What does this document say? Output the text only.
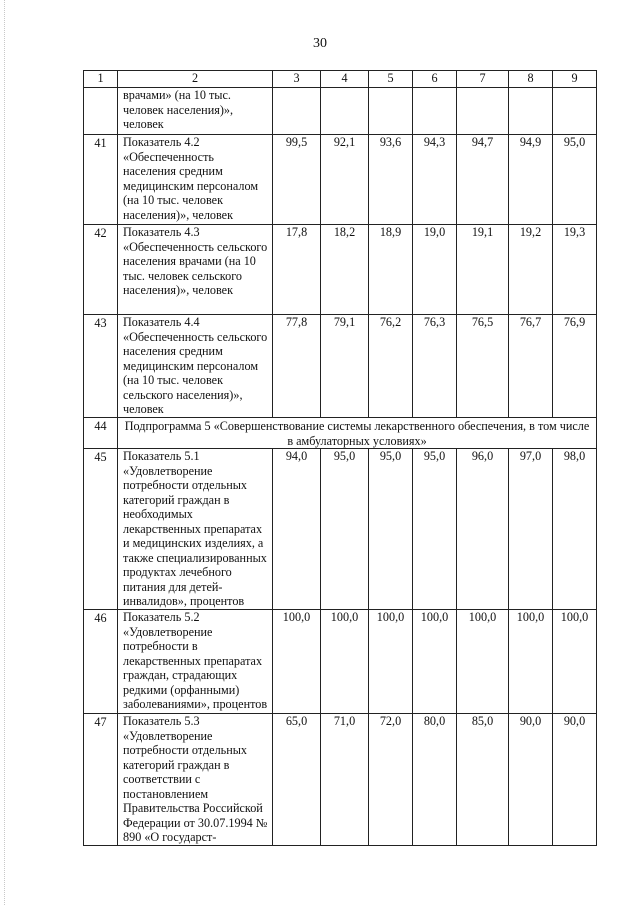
30
1	2	3	4	5	6	7	8	9
	врачами» (на 10 тыс. человек населения)», человек							
41	Показатель 4.2 «Обеспеченность населения средним медицинским персоналом (на 10 тыс. человек населения)», человек	99,5	92,1	93,6	94,3	94,7	94,9	95,0
42	Показатель 4.3 «Обеспеченность сельского населения врачами (на 10 тыс. человек сельского населения)», человек	17,8	18,2	18,9	19,0	19,1	19,2	19,3
43	Показатель 4.4 «Обеспеченность сельского населения средним медицинским персоналом (на 10 тыс. человек сельского населения)», человек	77,8	79,1	76,2	76,3	76,5	76,7	76,9
44	Подпрограмма 5 «Совершенствование системы лекарственного обеспечения, в том числе в амбулаторных условиях»							
45	Показатель 5.1 «Удовлетворение потребности отдельных категорий граждан в необходимых лекарственных препаратах и медицинских изделиях, а также специализированных продуктах лечебного питания для детей-инвалидов», процентов	94,0	95,0	95,0	95,0	96,0	97,0	98,0
46	Показатель 5.2 «Удовлетворение потребности в лекарственных препаратах граждан, страдающих редкими (орфанными) заболеваниями», процентов	100,0	100,0	100,0	100,0	100,0	100,0	100,0
47	Показатель 5.3 «Удовлетворение потребности отдельных категорий граждан в соответствии с постановлением Правительства Российской Федерации от 30.07.1994 № 890 «О государст-	65,0	71,0	72,0	80,0	85,0	90,0	90,0
